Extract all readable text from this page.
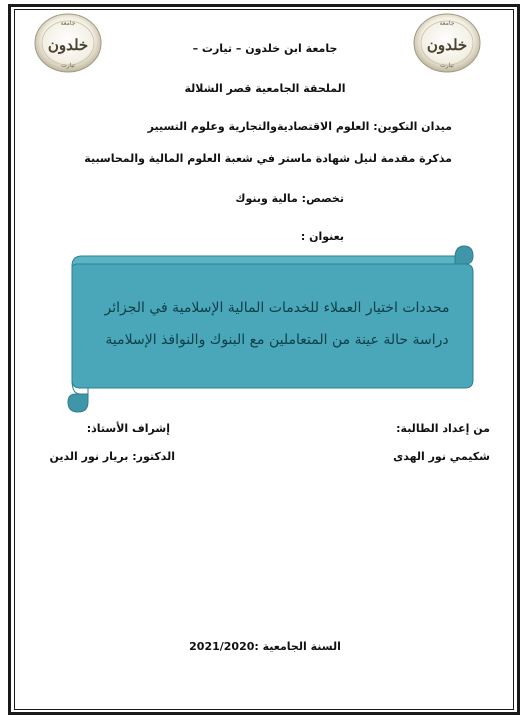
جامعة
خلدون
تيارت
جامعة
خلدون
تيارت
جامعة ابن خلدون – تيارت –
الملحقة الجامعية قصر الشلالة
ميدان التكوين: العلوم الاقتصاديةوالتجارية وعلوم التسيير
مذكرة مقدمة لنيل شهادة ماستر في شعبة العلوم المالية والمحاسبية
تخصص: مالية وبنوك
بعنوان :
محددات اختيار العملاء للخدمات المالية الإسلامية في الجزائر
دراسة حالة عينة من المتعاملين مع البنوك والنوافذ الإسلامية
من إعداد الطالبة:
شكيمي نور الهدى
إشراف الأستاذ:
الدكتور: بريار نور الدين
السنة الجامعية :2021/2020
